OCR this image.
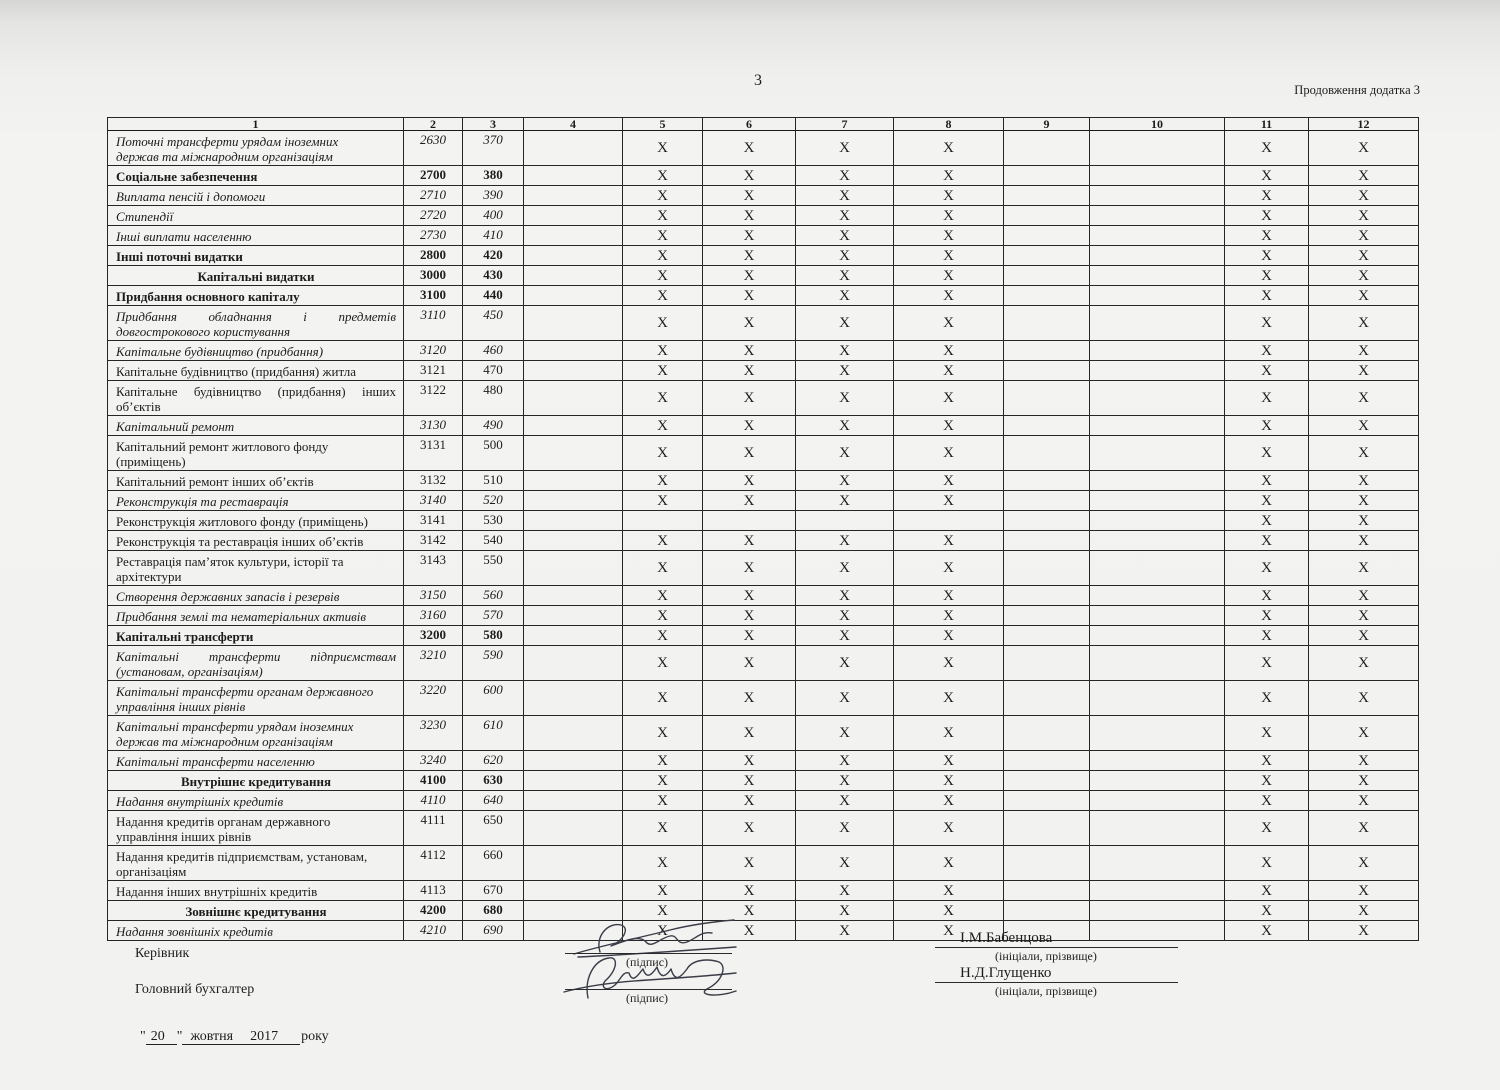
3
Продовження додатка 3
1	2	3	4	5	6	7	8	9	10	11	12

Поточні трансферти урядам іноземних
держав та міжнародним організаціям	2630	370		X	X	X	X			X	X

Соціальне забезпечення	2700	380		X	X	X	X			X	X

Виплата пенсій і допомоги	2710	390		X	X	X	X			X	X

Стипендії	2720	400		X	X	X	X			X	X

Інші виплати населенню	2730	410		X	X	X	X			X	X

Інші поточні видатки	2800	420		X	X	X	X			X	X

Капітальні видатки	3000	430		X	X	X	X			X	X

Придбання основного капіталу	3100	440		X	X	X	X			X	X

Придбання обладнання і предметів
довгострокового користування	3110	450		X	X	X	X			X	X

Капітальне будівництво (придбання)	3120	460		X	X	X	X			X	X

Капітальне будівництво (придбання) житла	3121	470		X	X	X	X			X	X

Капітальне будівництво (придбання) інших
об’єктів	3122	480		X	X	X	X			X	X

Капітальний ремонт	3130	490		X	X	X	X			X	X

Капітальний ремонт житлового фонду
(приміщень)	3131	500		X	X	X	X			X	X

Капітальний ремонт інших об’єктів	3132	510		X	X	X	X			X	X

Реконструкція та реставрація	3140	520		X	X	X	X			X	X

Реконструкція житлового фонду (приміщень)	3141	530								X	X

Реконструкція та реставрація інших об’єктів	3142	540		X	X	X	X			X	X

Реставрація пам’яток культури, історії та
архітектури	3143	550		X	X	X	X			X	X

Створення державних запасів і резервів	3150	560		X	X	X	X			X	X

Придбання землі та нематеріальних активів	3160	570		X	X	X	X			X	X

Капітальні трансферти	3200	580		X	X	X	X			X	X

Капітальні трансферти підприємствам
(установам, організаціям)	3210	590		X	X	X	X			X	X

Капітальні трансферти органам державного
управління інших рівнів	3220	600		X	X	X	X			X	X

Капітальні трансферти урядам іноземних
держав та міжнародним організаціям	3230	610		X	X	X	X			X	X

Капітальні трансферти населенню	3240	620		X	X	X	X			X	X

Внутрішнє кредитування	4100	630		X	X	X	X			X	X

Надання внутрішніх кредитів	4110	640		X	X	X	X			X	X

Надання кредитів органам державного
управління інших рівнів	4111	650		X	X	X	X			X	X

Надання кредитів підприємствам, установам,
організаціям	4112	660		X	X	X	X			X	X

Надання інших внутрішніх кредитів	4113	670		X	X	X	X			X	X

Зовнішнє кредитування	4200	680		X	X	X	X			X	X

Надання зовнішніх кредитів	4210	690		X	X	X	X			X	X
Керівник
Головний бухгалтер
(підпис)
(підпис)
І.М.Бабенцова
Н.Д.Глущенко
(ініціали, прізвище)
(ініціали, прізвище)
" 20 " жовтня 2017 року
